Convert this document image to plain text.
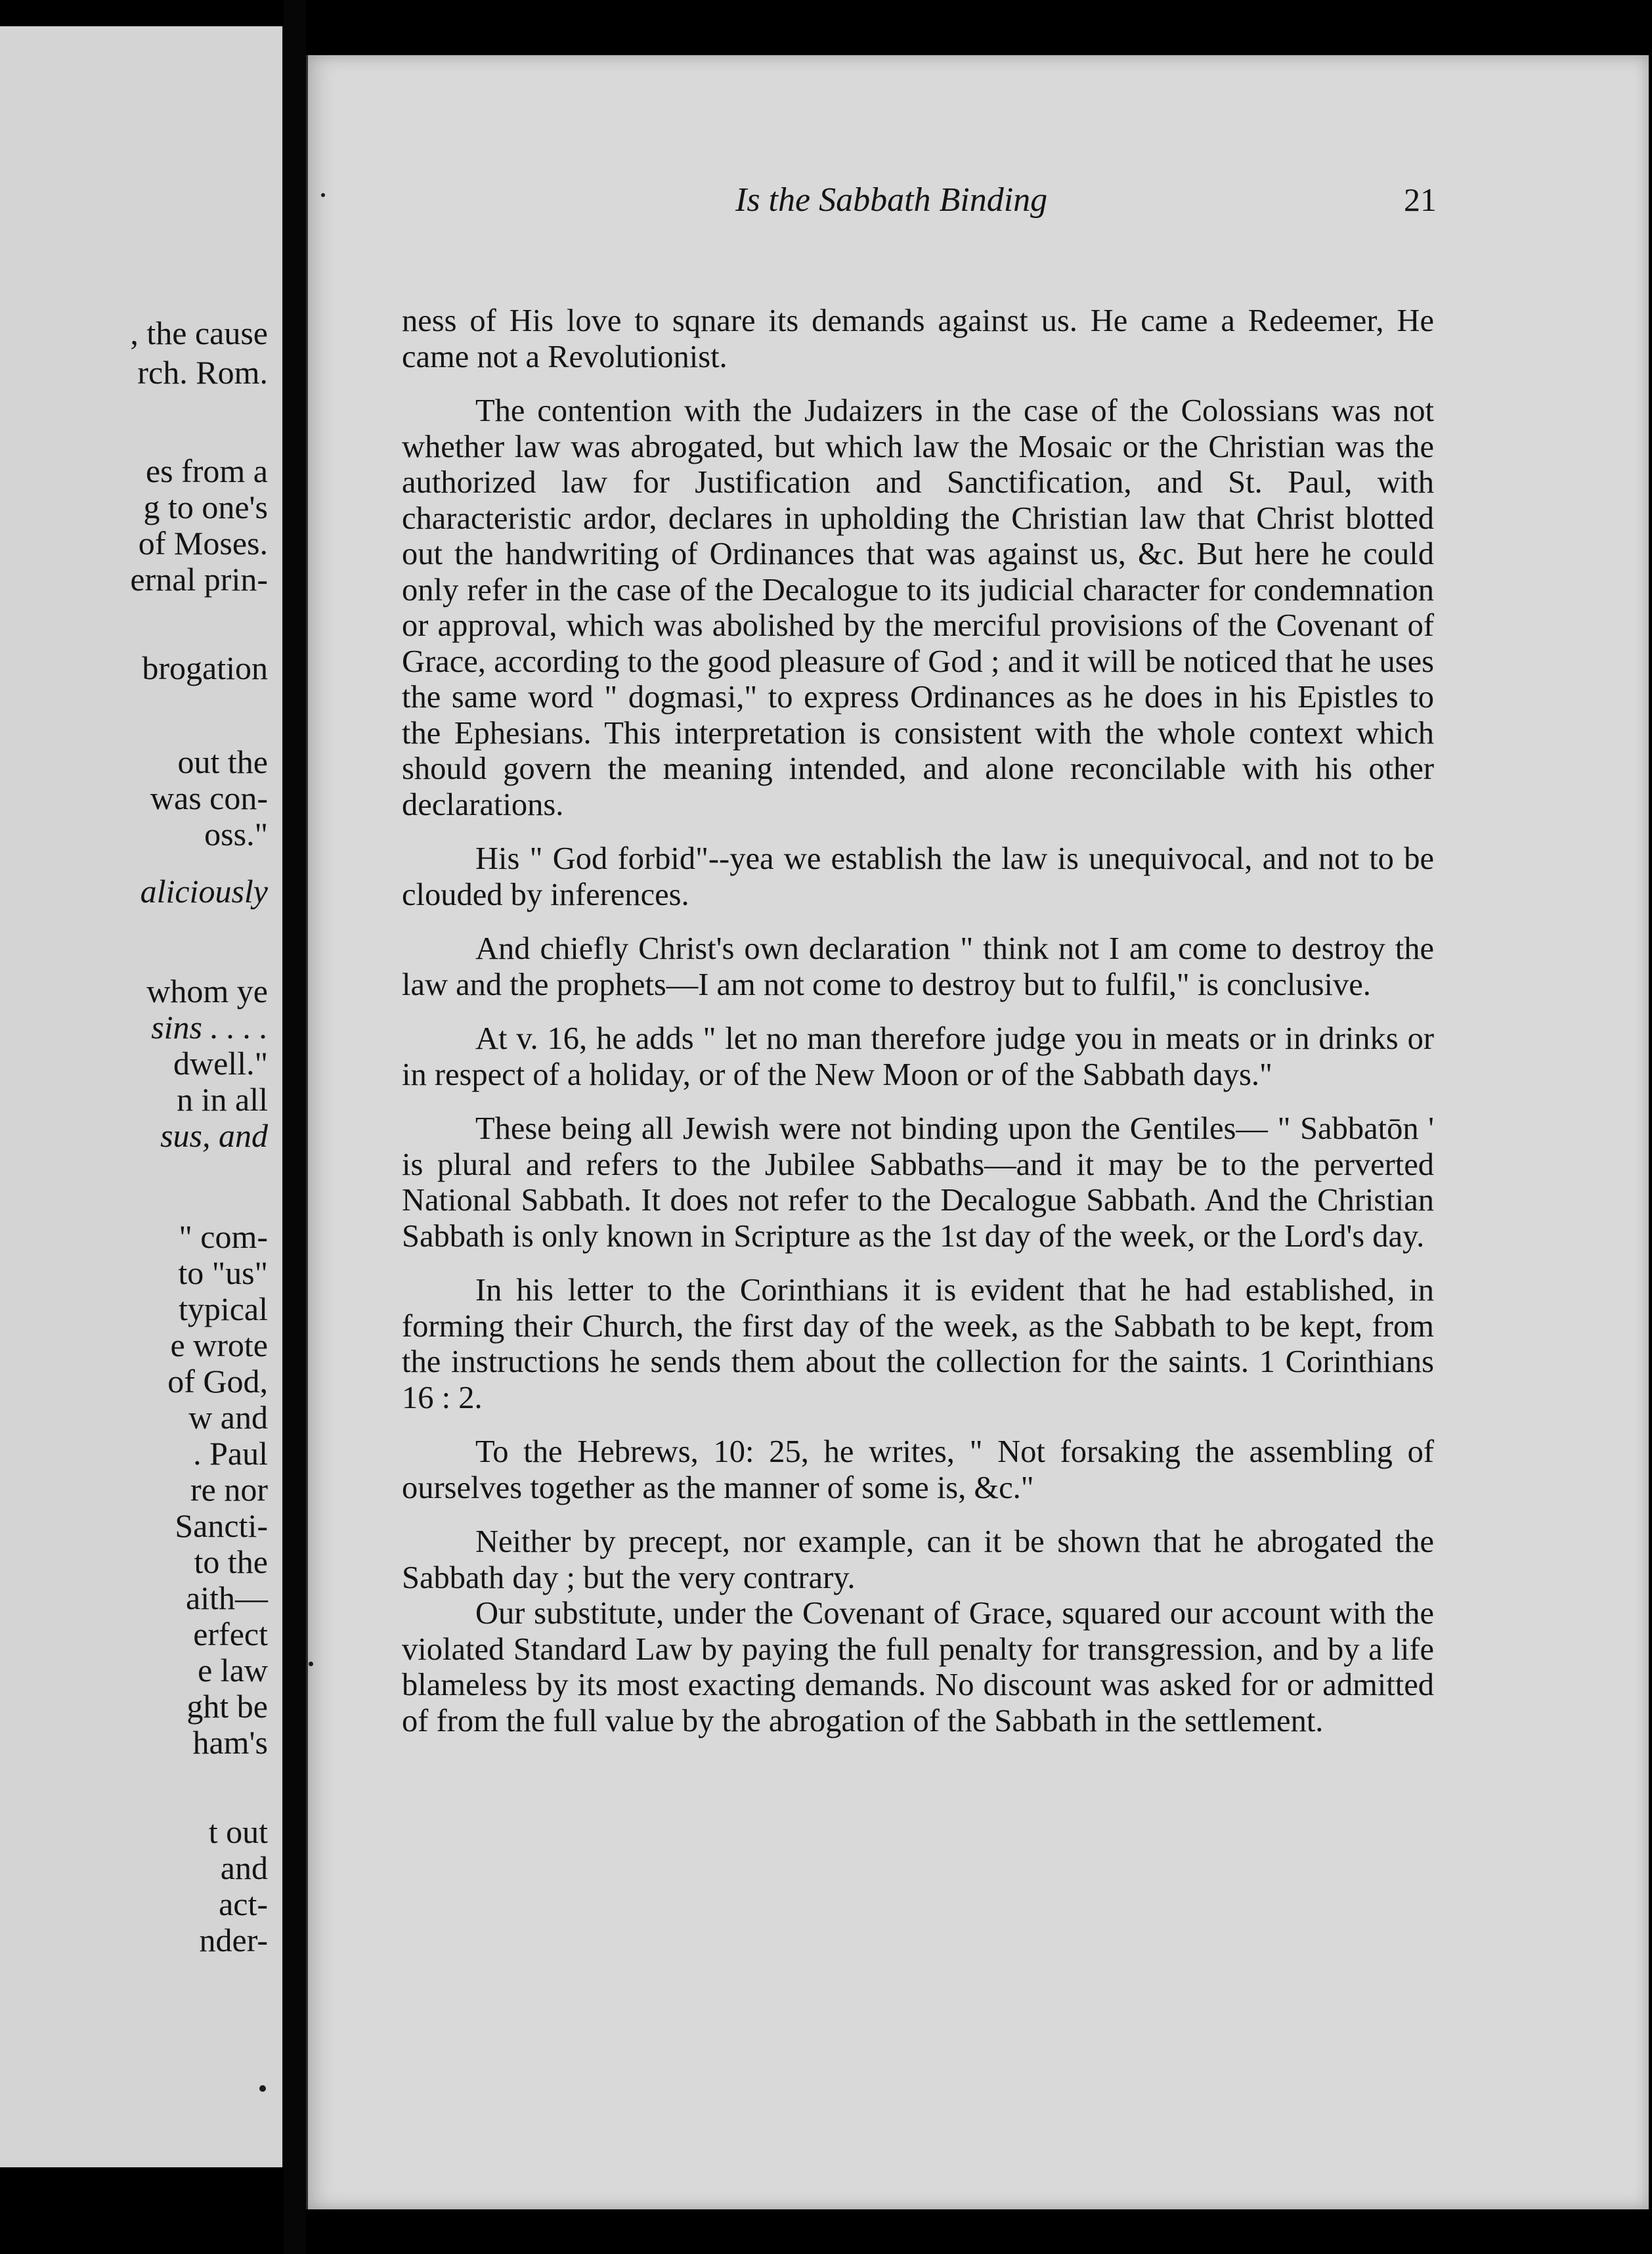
, the cause
rch. Rom.
es from a
g to one's
of Moses.
ernal prin-
brogation
out the
was con-
oss."
aliciously
whom ye
sins . . . .
dwell."
n in all
sus, and
" com-
to "us"
typical
e wrote
of God,
w and
. Paul
re nor
Sancti-
to the
aith—
erfect
e law
ght be
ham's
t out
and
act-
nder-
Is the Sabbath Binding	21

ness of His love to sqnare its demands against us. He came a Redeemer, He came not a Revolutionist.

The contention with the Judaizers in the case of the Colossians was not whether law was abrogated, but which law the Mosaic or the Christian was the authorized law for Justification and Sanctification, and St. Paul, with characteristic ardor, declares in upholding the Christian law that Christ blotted out the handwriting of Ordinances that was against us, &c. But here he could only refer in the case of the Decalogue to its judicial character for condemnation or approval, which was abolished by the merciful provisions of the Covenant of Grace, according to the good pleasure of God ; and it will be noticed that he uses the same word " dogmasi," to express Ordinances as he does in his Epistles to the Ephesians. This interpretation is consistent with the whole context which should govern the meaning intended, and alone reconcilable with his other declarations.

His " God forbid"--yea we establish the law is unequivocal, and not to be clouded by inferences.

And chiefly Christ's own declaration " think not I am come to destroy the law and the prophets—I am not come to destroy but to fulfil," is conclusive.

At v. 16, he adds " let no man therefore judge you in meats or in drinks or in respect of a holiday, or of the New Moon or of the Sabbath days."

These being all Jewish were not binding upon the Gentiles— " Sabbatōn ' is plural and refers to the Jubilee Sabbaths—and it may be to the perverted National Sabbath. It does not refer to the Decalogue Sabbath. And the Christian Sabbath is only known in Scripture as the 1st day of the week, or the Lord's day.

In his letter to the Corinthians it is evident that he had established, in forming their Church, the first day of the week, as the Sabbath to be kept, from the instructions he sends them about the collection for the saints. 1 Corinthians 16 : 2.

To the Hebrews, 10: 25, he writes, " Not forsaking the assembling of ourselves together as the manner of some is, &c."

Neither by precept, nor example, can it be shown that he abrogated the Sabbath day ; but the very contrary.

Our substitute, under the Covenant of Grace, squared our account with the violated Standard Law by paying the full penalty for transgression, and by a life blameless by its most exacting demands. No discount was asked for or admitted of from the full value by the abrogation of the Sabbath in the settlement.
